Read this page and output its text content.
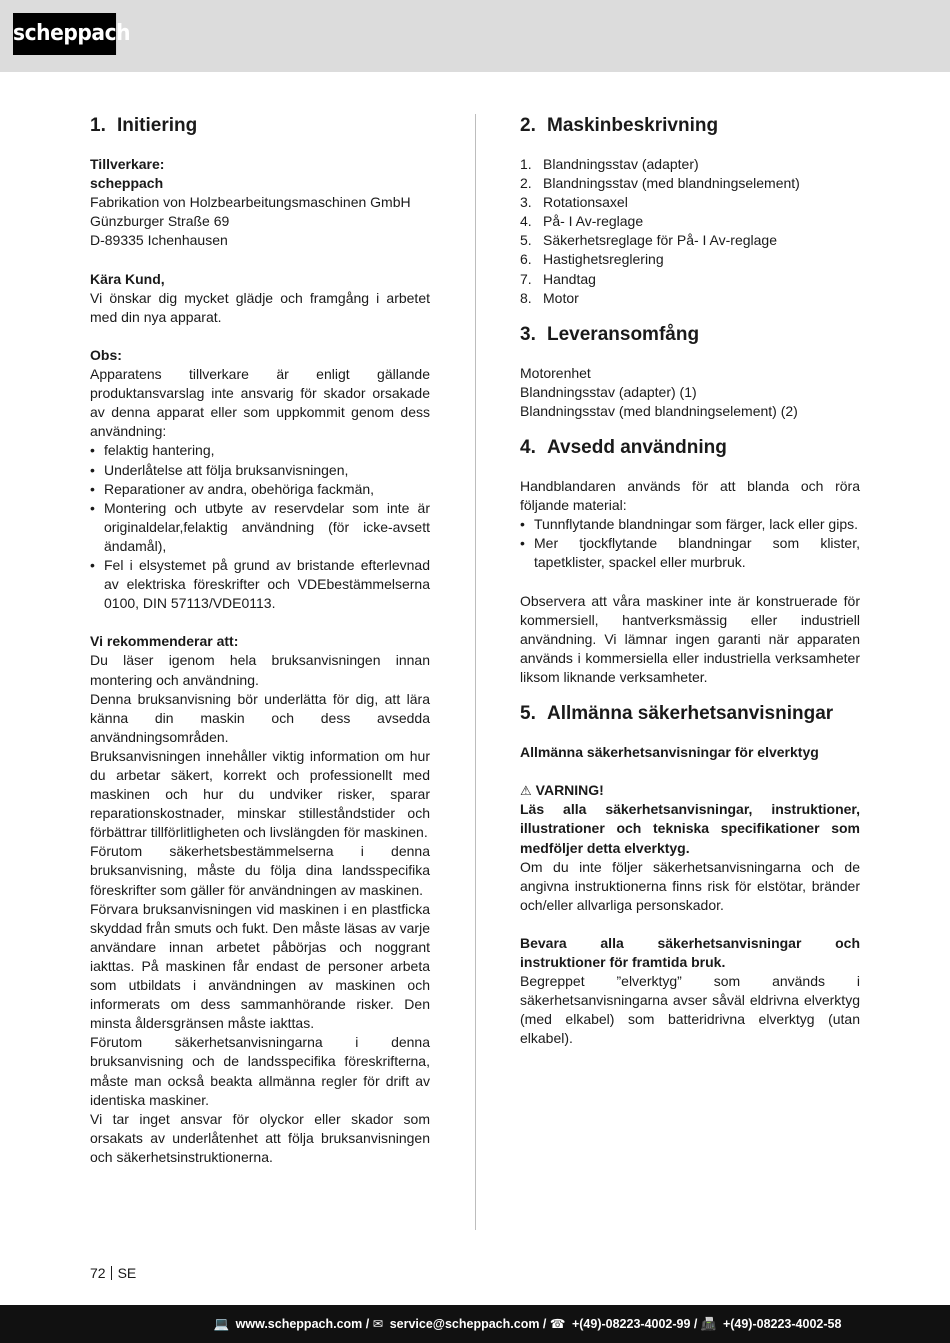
scheppach
1. Initiering

Tillverkare:

scheppach

Fabrikation von Holzbearbeitungsmaschinen GmbH

Günzburger Straße 69

D-89335 Ichenhausen

Kära Kund,

Vi önskar dig mycket glädje och framgång i arbetet med din nya apparat.

Obs:

Apparatens tillverkare är enligt gällande produktansvarslag inte ansvarig för skador orsakade av denna apparat eller som uppkommit genom dess användning:

• felaktig hantering,
• Underlåtelse att följa bruksanvisningen,
• Reparationer av andra, obehöriga fackmän,
• Montering och utbyte av reservdelar som inte är originaldelar,felaktig användning (för icke-avsett ändamål),
• Fel i elsystemet på grund av bristande efterlevnad av elektriska föreskrifter och VDEbestämmelserna 0100, DIN 57113/VDE0113.

Vi rekommenderar att:

Du läser igenom hela bruksanvisningen innan montering och användning.

Denna bruksanvisning bör underlätta för dig, att lära känna din maskin och dess avsedda användningsområden.

Bruksanvisningen innehåller viktig information om hur du arbetar säkert, korrekt och professionellt med maskinen och hur du undviker risker, sparar reparationskostnader, minskar stilleståndstider och förbättrar tillförlitligheten och livslängden för maskinen.

Förutom säkerhetsbestämmelserna i denna bruksanvisning, måste du följa dina landsspecifika föreskrifter som gäller för användningen av maskinen.

Förvara bruksanvisningen vid maskinen i en plastficka skyddad från smuts och fukt. Den måste läsas av varje användare innan arbetet påbörjas och noggrant iakttas. På maskinen får endast de personer arbeta som utbildats i användningen av maskinen och informerats om dess sammanhörande risker. Den minsta åldersgränsen måste iakttas.

Förutom säkerhetsanvisningarna i denna bruksanvisning och de landsspecifika föreskrifterna, måste man också beakta allmänna regler för drift av identiska maskiner.

Vi tar inget ansvar för olyckor eller skador som orsakats av underlåtenhet att följa bruksanvisningen och säkerhetsinstruktionerna.

2. Maskinbeskrivning
1. Blandningsstav (adapter)
2. Blandningsstav (med blandningselement)
3. Rotationsaxel
4. På- I Av-reglage
5. Säkerhetsreglage för På- I Av-reglage
6. Hastighetsreglering
7. Handtag
8. Motor
3. Leveransomfång

Motorenhet

Blandningsstav (adapter) (1)

Blandningsstav (med blandningselement) (2)

4. Avsedd användning

Handblandaren används för att blanda och röra följande material:

• Tunnflytande blandningar som färger, lack eller gips.
• Mer tjockflytande blandningar som klister, tapetklister, spackel eller murbruk.

Observera att våra maskiner inte är konstruerade för kommersiell, hantverksmässig eller industriell användning. Vi lämnar ingen garanti när apparaten används i kommersiella eller industriella verksamheter liksom liknande verksamheter.

5. Allmänna säkerhetsanvisningar

Allmänna säkerhetsanvisningar för elverktyg

⚠ VARNING!

Läs alla säkerhetsanvisningar, instruktioner, illustrationer och tekniska specifikationer som medföljer detta elverktyg.

Om du inte följer säkerhetsanvisningarna och de angivna instruktionerna finns risk för elstötar, bränder och/eller allvarliga personskador.

Bevara alla säkerhetsanvisningar och instruktioner för framtida bruk.

Begreppet ”elverktyg” som används i säkerhetsanvisningarna avser såväl eldrivna elverktyg (med elkabel) som batteridrivna elverktyg (utan elkabel).

72 SE
💻 www.scheppach.com / ✉ service@scheppach.com / ☎ +(49)-08223-4002-99 / 📠 +(49)-08223-4002-58
